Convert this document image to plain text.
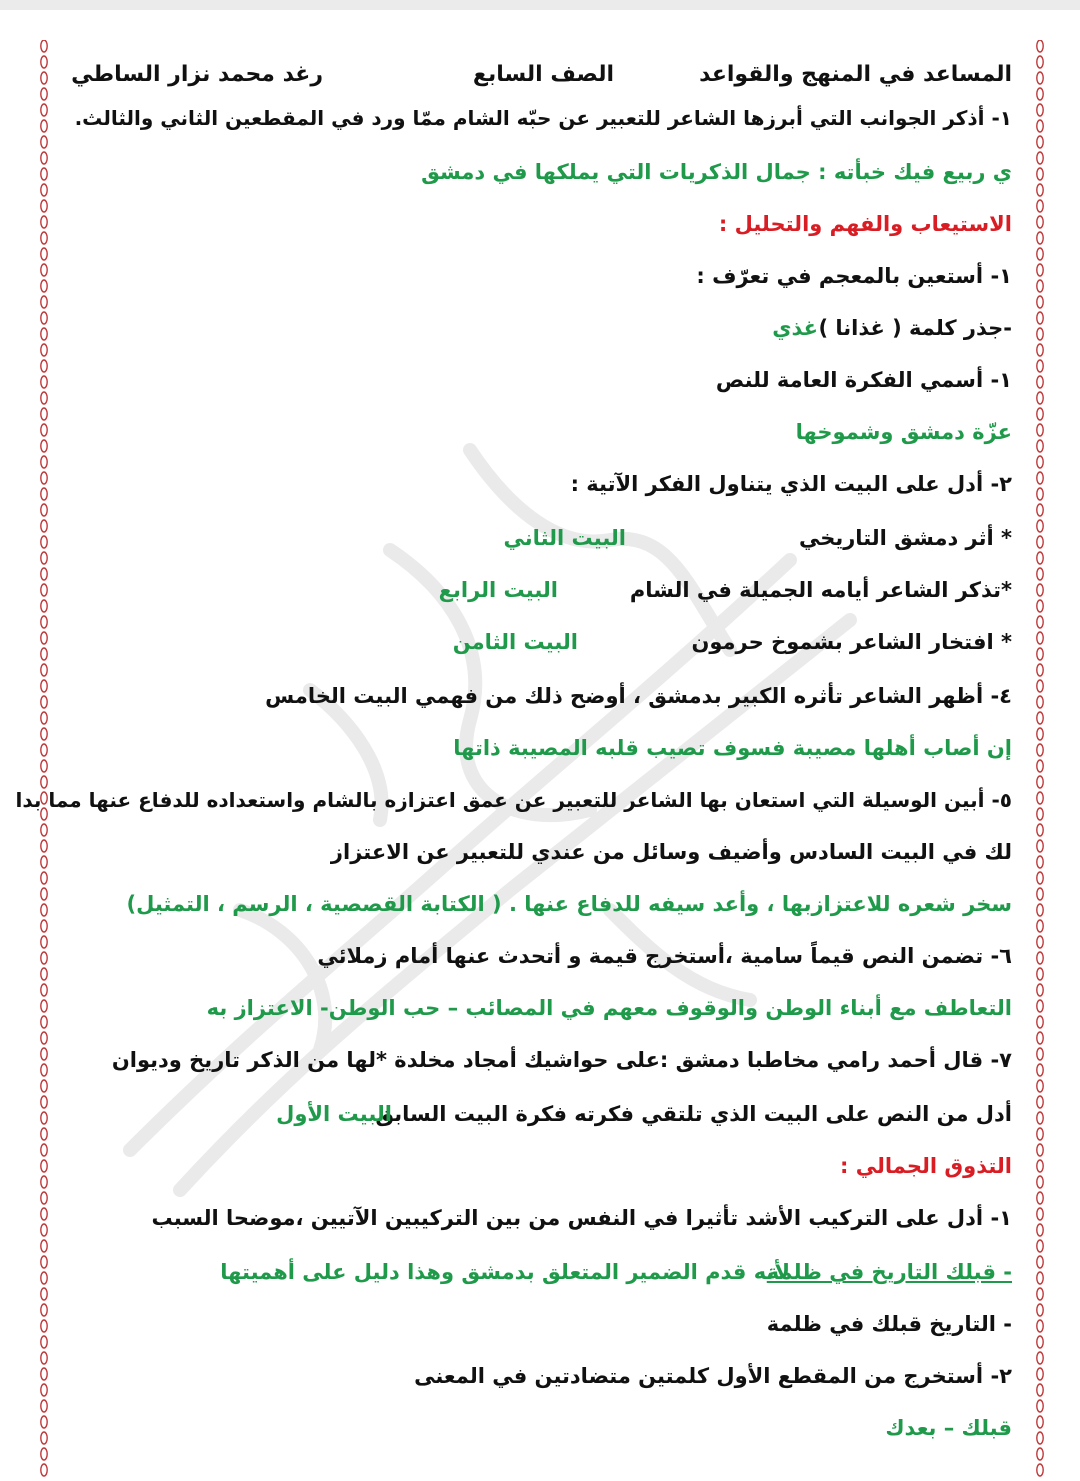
المساعد في المنهج والقواعد
الصف السابع
رغد محمد نزار الساطي
١- أذكر الجوانب التي أبرزها الشاعر للتعبير عن حبّه الشام ممّا ورد في المقطعين الثاني والثالث.
ي ربيع فيك خبأته : جمال الذكريات التي يملكها في دمشق
الاستيعاب والفهم والتحليل :
١- أستعين بالمعجم في تعرّف :
-جذر كلمة ( غذانا )
غذي
١- أسمي الفكرة العامة للنص
عزّة دمشق وشموخها
٢- أدل على البيت الذي يتناول الفكر الآتية :
* أثر دمشق التاريخي
البيت الثاني
*تذكر الشاعر أيامه الجميلة في الشام
البيت الرابع
* افتخار الشاعر بشموخ حرمون
البيت الثامن
٤- أظهر الشاعر تأثره الكبير بدمشق ، أوضح ذلك من فهمي البيت الخامس
إن أصاب أهلها مصيبة فسوف تصيب قلبه المصيبة ذاتها
٥- أبين الوسيلة التي استعان بها الشاعر للتعبير عن عمق اعتزازه بالشام واستعداده للدفاع عنها مما بدا
لك في البيت السادس وأضيف وسائل من عندي للتعبير عن الاعتزاز
سخر شعره للاعتزازبها ، وأعد سيفه للدفاع عنها . ( الكتابة القصصية ، الرسم ، التمثيل)
٦- تضمن النص قيماً سامية ،أستخرج قيمة و أتحدث عنها أمام زملائي
التعاطف مع أبناء الوطن والوقوف معهم في المصائب – حب الوطن- الاعتزاز به
٧- قال أحمد رامي مخاطبا دمشق :على حواشيك أمجاد مخلدة *لها من الذكر تاريخ وديوان
أدل من النص على البيت الذي تلتقي فكرته فكرة البيت السابق
البيت الأول
التذوق الجمالي :
١- أدل على التركيب الأشد تأثيرا في النفس من بين التركيبين الآتيين ،موضحا السبب
- قبلك التاريخ في ظلمة
لأنه قدم الضمير المتعلق بدمشق وهذا دليل على أهميتها
- التاريخ قبلك في ظلمة
٢- أستخرج من المقطع الأول كلمتين متضادتين في المعنى
قبلك – بعدك
